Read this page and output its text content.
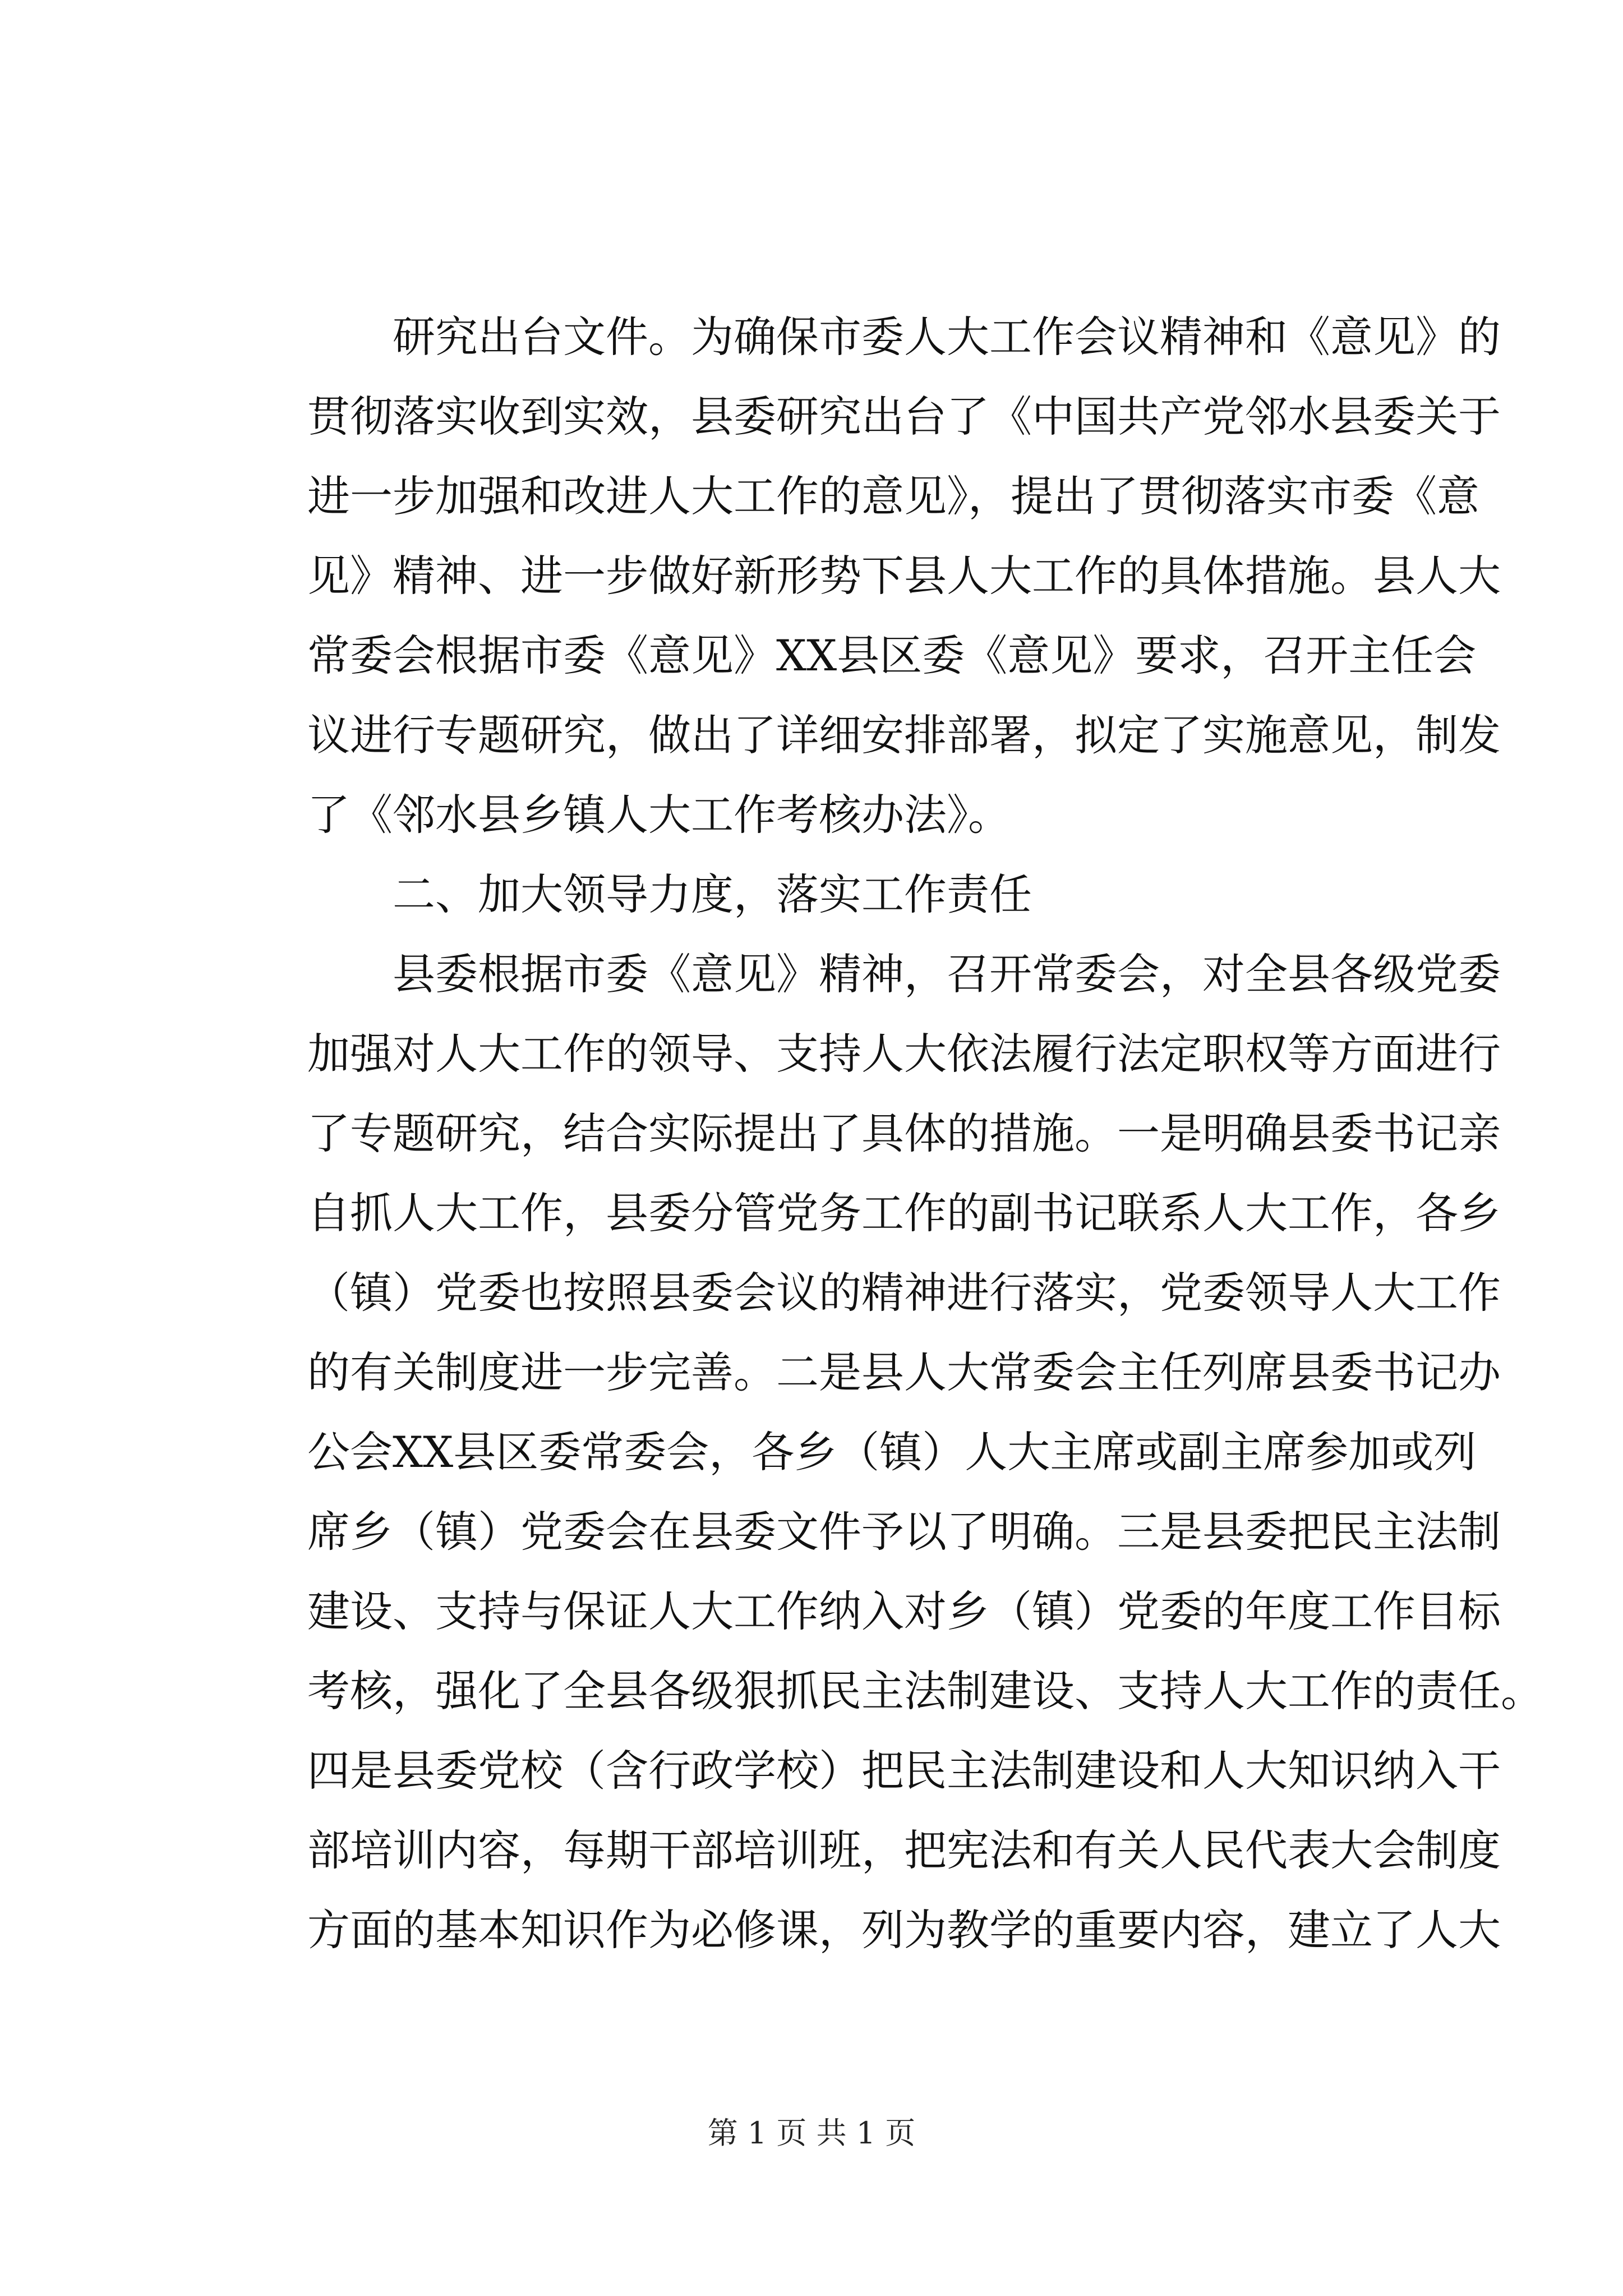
研究出台文件。为确保市委人大工作会议精神和《意见》的
贯彻落实收到实效，县委研究出台了《中国共产党邻水县委关于
进一步加强和改进人大工作的意见》，提出了贯彻落实市委《意
见》精神、进一步做好新形势下县人大工作的具体措施。县人大
常委会根据市委《意见》XX县区委《意见》要求，召开主任会
议进行专题研究，做出了详细安排部署，拟定了实施意见，制发
了《邻水县乡镇人大工作考核办法》。
二、加大领导力度，落实工作责任
县委根据市委《意见》精神，召开常委会，对全县各级党委
加强对人大工作的领导、支持人大依法履行法定职权等方面进行
了专题研究，结合实际提出了具体的措施。一是明确县委书记亲
自抓人大工作，县委分管党务工作的副书记联系人大工作，各乡
（镇）党委也按照县委会议的精神进行落实，党委领导人大工作
的有关制度进一步完善。二是县人大常委会主任列席县委书记办
公会XX县区委常委会，各乡（镇）人大主席或副主席参加或列
席乡（镇）党委会在县委文件予以了明确。三是县委把民主法制
建设、支持与保证人大工作纳入对乡（镇）党委的年度工作目标
考核，强化了全县各级狠抓民主法制建设、支持人大工作的责任。
四是县委党校（含行政学校）把民主法制建设和人大知识纳入干
部培训内容，每期干部培训班，把宪法和有关人民代表大会制度
方面的基本知识作为必修课，列为教学的重要内容，建立了人大
第 1 页 共 1 页
